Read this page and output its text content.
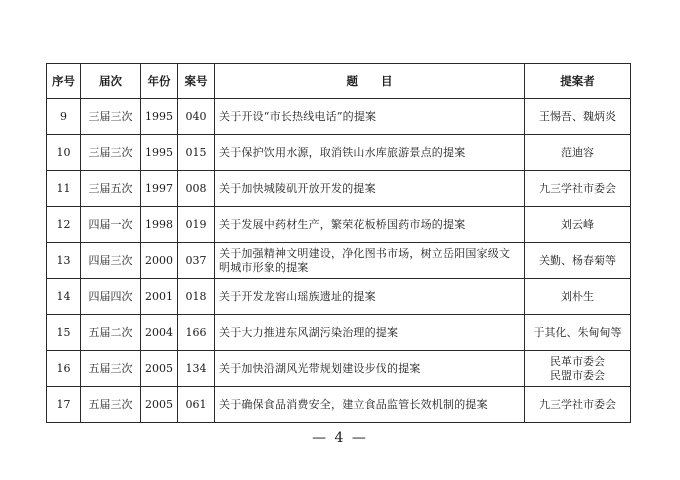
序号	届次	年份	案号	题　　目	提案者
9	三届三次	1995	040	关于开设“市长热线电话”的提案	王惕吾、魏炳炎

10	三届三次	1995	015	关于保护饮用水源，取消铁山水库旅游景点的提案	范迪容

11	三届五次	1997	008	关于加快城陵矶开放开发的提案	九三学社市委会

12	四届一次	1998	019	关于发展中药材生产，繁荣花板桥国药市场的提案	刘云峰

13	四届三次	2000	037	关于加强精神文明建设，净化图书市场，树立岳阳国家级文明城市形象的提案	关勤、杨春菊等

14	四届四次	2001	018	关于开发龙窖山瑶族遗址的提案	刘朴生

15	五届二次	2004	166	关于大力推进东风湖污染治理的提案	于其化、朱甸甸等

16	五届三次	2005	134	关于加快沿湖风光带规划建设步伐的提案	民革市委会
民盟市委会

17	五届三次	2005	061	关于确保食品消费安全，建立食品监管长效机制的提案	九三学社市委会
— 4 —
